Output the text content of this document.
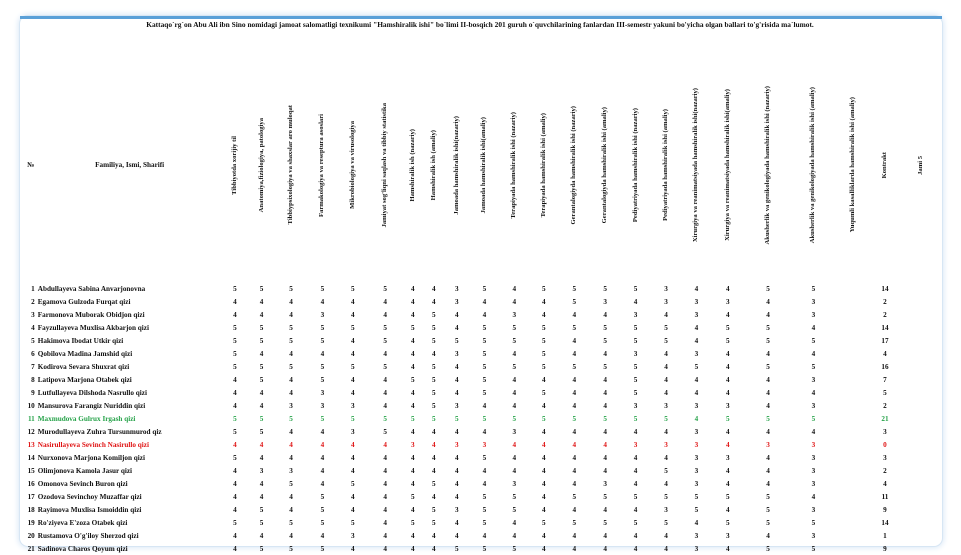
Kattaqo`rg`on Abu Ali ibn Sino nomidagi jamoat salomatligi texnikumi "Hamshiralik ishi" bo`limi II-bosqich 201 guruh o`quvchilarining fanlardan III-semestr yakuni bo'yicha olgan ballari to'g'risida ma`lumot.
№	Familiya, Ismi, Sharifi	Tibbiyotda xorijiy til	Anatomiya,fiziologiya, patologiya	Tibbiypsixologiya va shaxslar aro muloqat	Farmakologiya va reseptura asoslari	Mikrobiologiya va virusologiya	Jamiyat sog'liqni saqlash va tibbiy statistika	Hamshiralik ish (nazariy)	Hamshiralik ish (amaliy)	Jamoada hamshiralik ishi(nazariy)	Jamoada hamshiralik ishi(amaliy)	Terapiyada hamshiralik ishi (nazariy)	Terapiyada hamshiralik ishi (amaliy)	Gerantalogiyda hamshiralik ishi (nazariy)	Gerantalogiyda hamshiralik ishi (amaliy)	Pediyatriyada hamshiralik ishi (nazariy)	Pediyatriyada hamshiralik ishi (amaliy)	Xirurgiya va reanimatsiyada hamshiralik ishi(nazariy)	Xirurgiya va reanimatsiyada hamshiralik ishi(amaliy)	Akusherlik va genikologiyada hamshiralik ishi (nazariy)	Akusherlik va genikologiyada hamshiralik ishi (amaliy)	Yuqumli kasalliklarda hamshiralik ishi (amaliy)	Kontrakt	Jami 5

1	Abdullayeva Sabina Anvarjonovna	5	5	5	5	5	5	4	4	3	5	4	5	5	5	5	3	4	4	5	5		14	
2	Egamova Gulzoda Furqat qizi	4	4	4	4	4	4	4	4	3	4	4	4	5	3	4	3	3	3	4	3		2	
3	Farmonova Muborak Obidjon qizi	4	4	4	3	4	4	4	5	4	4	3	4	4	4	3	4	3	4	4	3		2	
4	Fayzullayeva Muxlisa Akbarjon qizi	5	5	5	5	5	5	5	5	4	5	5	5	5	5	5	5	4	5	5	4		14	
5	Hakimova Ibodat Utkir qizi	5	5	5	5	4	5	4	5	5	5	5	5	4	5	5	5	4	5	5	5		17	
6	Qobilova Madina Jamshid qizi	5	4	4	4	4	4	4	4	3	5	4	5	4	4	3	4	3	4	4	4		4	
7	Kodirova Sevara Shuxrat qizi	5	5	5	5	5	5	4	5	4	5	5	5	5	5	5	4	5	4	5	5		16	
8	Latipova Marjona Otabek qizi	4	5	4	5	4	4	5	5	4	5	4	4	4	4	5	4	4	4	4	3		7	
9	Lutfullayeva Dilshoda Nasrullo qizi	4	4	4	3	4	4	4	5	4	5	4	5	4	4	5	4	4	4	4	4		5	
10	Mansurova Farangiz Nuriddin qizi	4	4	3	3	3	4	4	5	3	4	4	4	4	4	3	3	3	3	4	3		2	
11	Maxmudova Gulrux Irgash qizi	5	5	5	5	5	5	5	5	5	5	5	5	5	5	5	5	4	5	5	5		21	
12	Murodullayeva Zuhra Tursunmurod qiz	5	5	4	4	3	5	4	4	4	4	3	4	4	4	4	4	3	4	4	4		3	
13	Nasirullayeva Sevinch Nasirullo qizi	4	4	4	4	4	4	3	4	3	3	4	4	4	4	3	3	3	4	3	3		0	
14	Nurxonova Marjona Komiljon qizi	5	4	4	4	4	4	4	4	4	5	4	4	4	4	4	4	3	3	4	3		3	
15	Olimjonova Kamola Jasur qizi	4	3	3	4	4	4	4	4	4	4	4	4	4	4	4	5	3	4	4	3		2	
16	Omonova Sevinch Buron qizi	4	4	5	4	5	4	4	5	4	4	3	4	4	3	4	4	3	4	4	3		4	
17	Ozodova Sevinchoy Muzaffar qizi	4	4	4	5	4	4	5	4	4	5	5	4	5	5	5	5	5	5	5	4		11	
18	Rayimova Muxlisa Ismoiddin qizi	4	5	4	5	4	4	4	5	3	5	5	4	4	4	4	3	5	4	5	3		9	
19	Ro'ziyeva E'zoza Otabek qizi	5	5	5	5	5	4	5	5	4	5	4	5	5	5	5	5	4	5	5	5		14	
20	Rustamova O'g'iloy Sherzod qizi	4	4	4	4	3	4	4	4	4	4	4	4	4	4	4	4	3	3	4	3		1	
21	Sadinova Charos Qoyum qizi	4	5	5	5	4	4	4	4	5	5	5	4	4	4	4	4	3	4	5	5		9	
